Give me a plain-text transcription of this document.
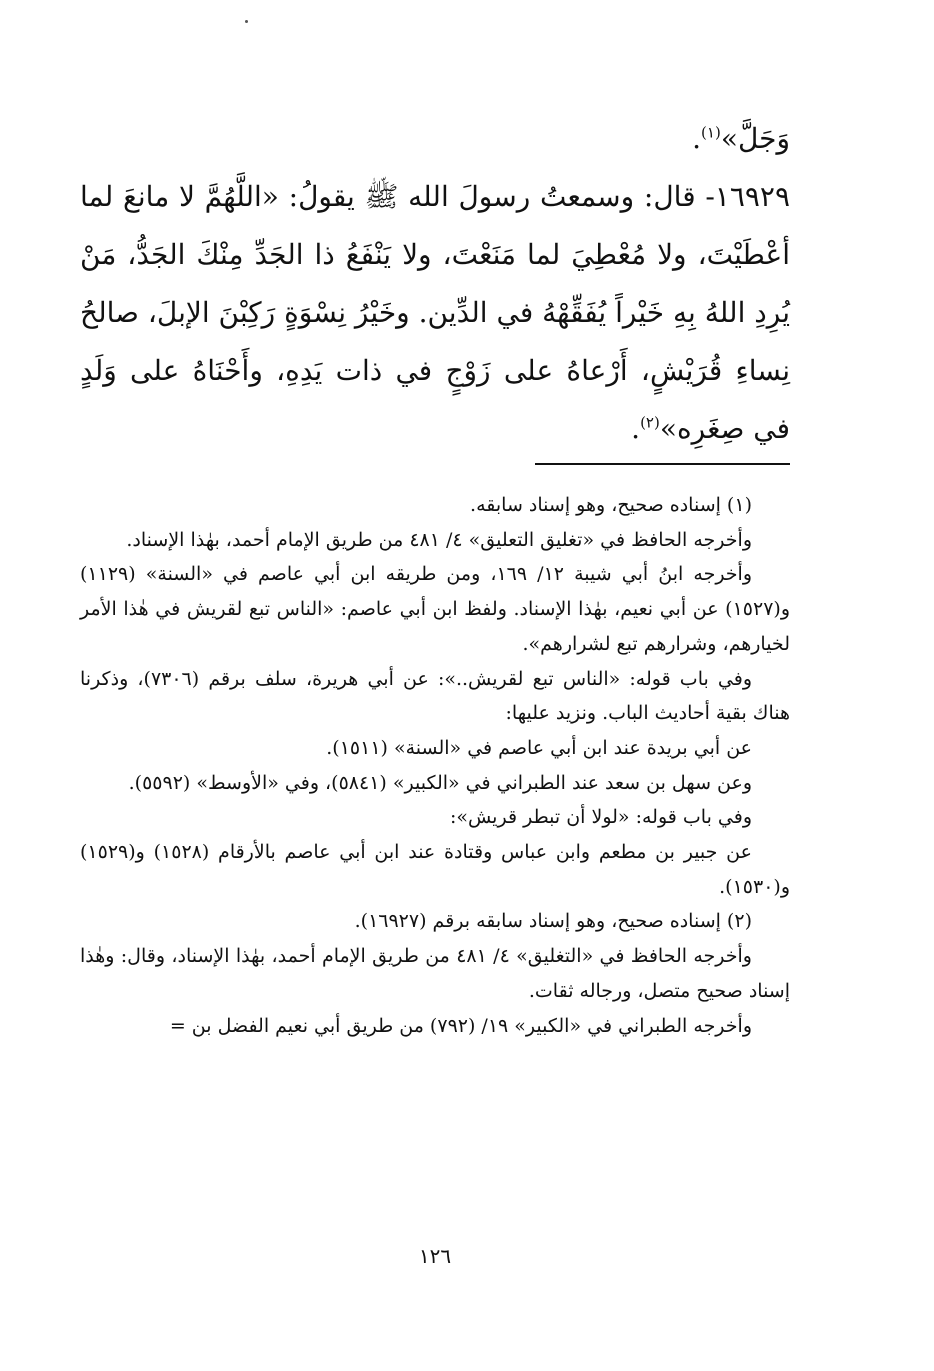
وَجَلَّ»$^{(١)}$.

١٦٩٢٩- قال: وسمعتُ رسولَ الله ﷺ يقولُ: «اللَّهُمَّ لا مانعَ لما أعْطَيْتَ، ولا مُعْطِيَ لما مَنَعْتَ، ولا يَنْفَعُ ذا الجَدِّ مِنْكَ الجَدُّ، مَنْ يُرِدِ اللهُ بِهِ خَيْراً يُفَقِّهْهُ في الدِّين. وخَيْرُ نِسْوَةٍ رَكِبْنَ الإبلَ، صالحُ نِساءِ قُرَيْشٍ، أَرْعاهُ على زَوْجٍ في ذات يَدِهِ، وأَحْنَاهُ على وَلَدٍ في صِغَرِه»$^{(٢)}$.

(١) إسناده صحيح، وهو إسناد سابقه.

وأخرجه الحافظ في «تغليق التعليق» ٤/ ٤٨١ من طريق الإمام أحمد، بهٰذا الإسناد.

وأخرجه ابنُ أبي شيبة ١٢/ ١٦٩، ومن طريقه ابن أبي عاصم في «السنة» (١١٢٩) و(١٥٢٧) عن أبي نعيم، بهٰذا الإسناد. ولفظ ابن أبي عاصم: «الناس تبع لقريش في هٰذا الأمر لخيارهم، وشرارهم تبع لشرارهم».

وفي باب قوله: «الناس تبع لقريش..»: عن أبي هريرة، سلف برقم (٧٣٠٦)، وذكرنا هناك بقية أحاديث الباب. ونزيد عليها:

عن أبي بريدة عند ابن أبي عاصم في «السنة» (١٥١١).

وعن سهل بن سعد عند الطبراني في «الكبير» (٥٨٤١)، وفي «الأوسط» (٥٥٩٢).

وفي باب قوله: «لولا أن تبطر قريش»:

عن جبير بن مطعم وابن عباس وقتادة عند ابن أبي عاصم بالأرقام (١٥٢٨) و(١٥٢٩) و(١٥٣٠).

(٢) إسناده صحيح، وهو إسناد سابقه برقم (١٦٩٢٧).

وأخرجه الحافظ في «التغليق» ٤/ ٤٨١ من طريق الإمام أحمد، بهٰذا الإسناد، وقال: وهٰذا إسناد صحيح متصل، ورجاله ثقات.

وأخرجه الطبراني في «الكبير» ١٩/ (٧٩٢) من طريق أبي نعيم الفضل بن =

١٢٦
